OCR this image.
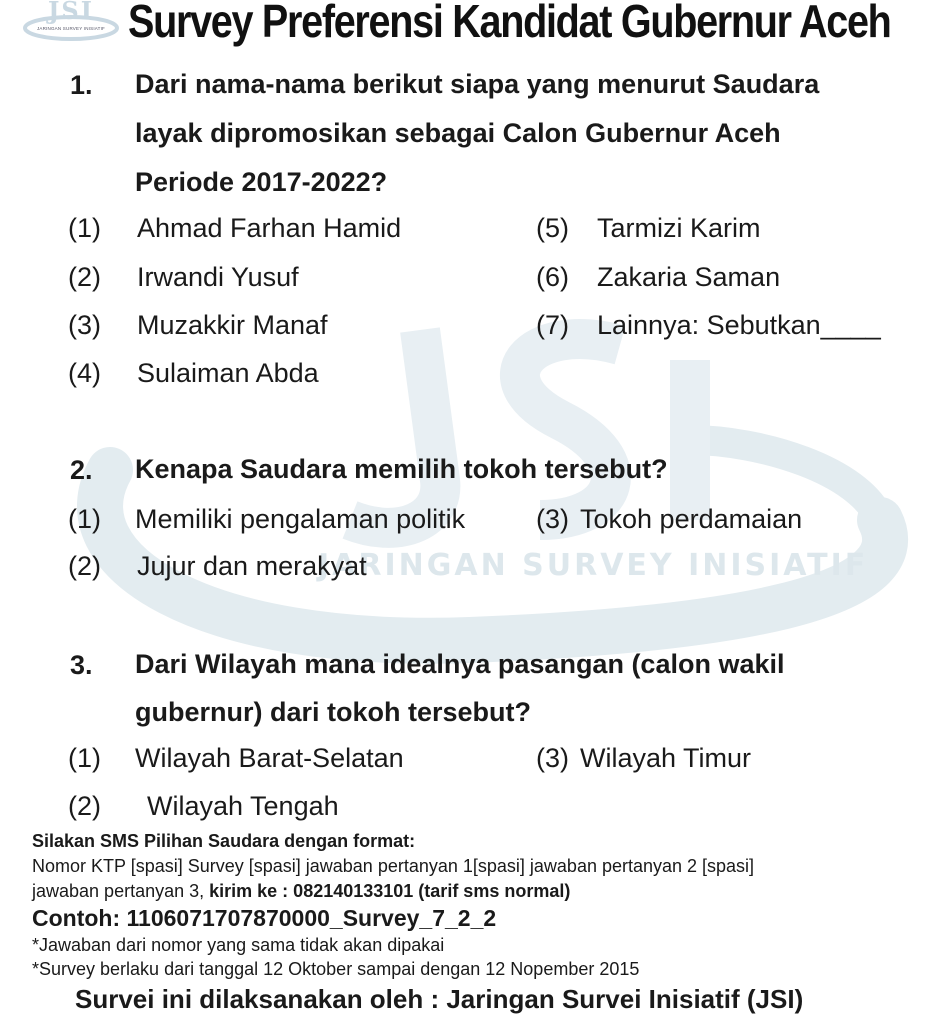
JARINGAN SURVEY INISIATIF
JSI
JARINGAN SURVEY INISIATIF Survey Preferensi Kandidat Gubernur Aceh
1. Dari nama-nama berikut siapa yang menurut Saudara
layak dipromosikan sebagai Calon Gubernur Aceh
Periode 2017-2022?
(1) Ahmad Farhan Hamid
(2) Irwandi Yusuf
(3) Muzakkir Manaf
(4) Sulaiman Abda
(5) Tarmizi Karim
(6) Zakaria Saman
(7) Lainnya: Sebutkan____
2. Kenapa Saudara memilih tokoh tersebut?
(1) Memiliki pengalaman politik
(2) Jujur dan merakyat
(3) Tokoh perdamaian
3. Dari Wilayah mana idealnya pasangan (calon wakil
gubernur) dari tokoh tersebut?
(1) Wilayah Barat-Selatan
(2) Wilayah Tengah
(3) Wilayah Timur
Silakan SMS Pilihan Saudara dengan format:
Nomor KTP [spasi] Survey [spasi] jawaban pertanyan 1[spasi] jawaban pertanyan 2 [spasi]
jawaban pertanyan 3, kirim ke : 082140133101 (tarif sms normal)
Contoh: 1106071707870000_Survey_7_2_2
*Jawaban dari nomor yang sama tidak akan dipakai
*Survey berlaku dari tanggal 12 Oktober sampai dengan 12 Nopember 2015
Survei ini dilaksanakan oleh : Jaringan Survei Inisiatif (JSI)
